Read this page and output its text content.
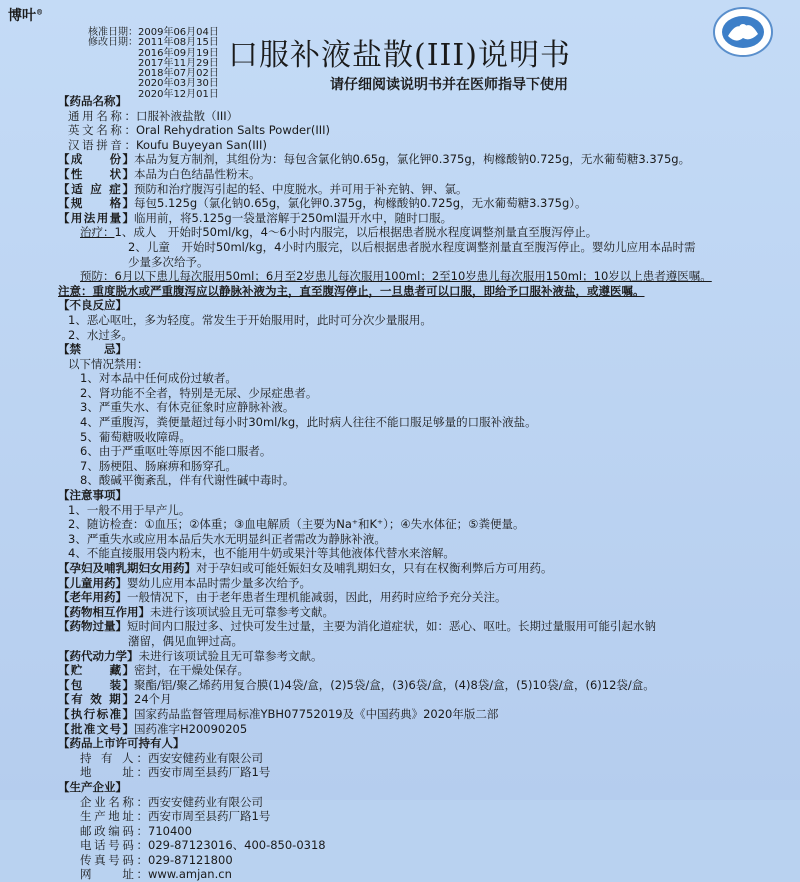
博叶®
核准日期： 2009年06月04日
修改日期： 2011年08月15日
2016年09月19日
2017年11月29日
2018年07月02日
2020年03月30日
2020年12月01日
口服补液盐散(III)说明书
请仔细阅读说明书并在医师指导下使用
【药品名称】
通用名称：口服补液盐散（III）
英文名称：Oral Rehydration Salts Powder(III)
汉语拼音：Koufu Buyeyan San(III)
【成　　份】本品为复方制剂，其组份为：每包含氯化钠0.65g，氯化钾0.375g，枸橼酸钠0.725g，无水葡萄糖3.375g。
【性　　状】本品为白色结晶性粉末。
【适 应 症】预防和治疗腹泻引起的轻、中度脱水。并可用于补充钠、钾、氯。
【规　　格】每包5.125g（氯化钠0.65g，氯化钾0.375g，枸橼酸钠0.725g，无水葡萄糖3.375g）。
【用法用量】临用前，将5.125g一袋量溶解于250ml温开水中，随时口服。
治疗：1、成人　开始时50ml/kg，4～6小时内服完，以后根据患者脱水程度调整剂量直至腹泻停止。
2、儿童　开始时50ml/kg，4小时内服完，以后根据患者脱水程度调整剂量直至腹泻停止。婴幼儿应用本品时需
少量多次给予。
预防：6月以下患儿每次服用50ml；6月至2岁患儿每次服用100ml；2至10岁患儿每次服用150ml；10岁以上患者遵医嘱。
注意：重度脱水或严重腹泻应以静脉补液为主，直至腹泻停止，一旦患者可以口服，即给予口服补液盐，或遵医嘱。
【不良反应】
1、恶心呕吐，多为轻度。常发生于开始服用时，此时可分次少量服用。
2、水过多。
【禁　　忌】
以下情况禁用：
1、对本品中任何成份过敏者。
2、肾功能不全者，特别是无尿、少尿症患者。
3、严重失水、有休克征象时应静脉补液。
4、严重腹泻，粪便量超过每小时30ml/kg，此时病人往往不能口服足够量的口服补液盐。
5、葡萄糖吸收障碍。
6、由于严重呕吐等原因不能口服者。
7、肠梗阻、肠麻痹和肠穿孔。
8、酸碱平衡紊乱，伴有代谢性碱中毒时。
【注意事项】
1、一般不用于早产儿。
2、随访检查：①血压；②体重；③血电解质（主要为Na⁺和K⁺）；④失水体征；⑤粪便量。
3、严重失水或应用本品后失水无明显纠正者需改为静脉补液。
4、不能直接服用袋内粉末，也不能用牛奶或果汁等其他液体代替水来溶解。
【孕妇及哺乳期妇女用药】对于孕妇或可能妊娠妇女及哺乳期妇女，只有在权衡利弊后方可用药。
【儿童用药】婴幼儿应用本品时需少量多次给予。
【老年用药】一般情况下，由于老年患者生理机能减弱，因此，用药时应给予充分关注。
【药物相互作用】未进行该项试验且无可靠参考文献。
【药物过量】短时间内口服过多、过快可发生过量，主要为消化道症状，如：恶心、呕吐。长期过量服用可能引起水钠
潴留，偶见血钾过高。
【药代动力学】未进行该项试验且无可靠参考文献。
【贮　　藏】密封，在干燥处保存。
【包　　装】聚酯/铝/聚乙烯药用复合膜(1)4袋/盒，(2)5袋/盒，(3)6袋/盒，(4)8袋/盒，(5)10袋/盒，(6)12袋/盒。
【有 效 期】24个月
【执行标准】国家药品监督管理局标准YBH07752019及《中国药典》2020年版二部
【批准文号】国药准字H20090205
【药品上市许可持有人】
持 有 人：西安安健药业有限公司
地　　址：西安市周至县药厂路1号
【生产企业】
企业名称：西安安健药业有限公司
生产地址：西安市周至县药厂路1号
邮政编码：710400
电话号码：029-87123016、400-850-0318
传真号码：029-87121800
网　　址：www.amjan.cn
